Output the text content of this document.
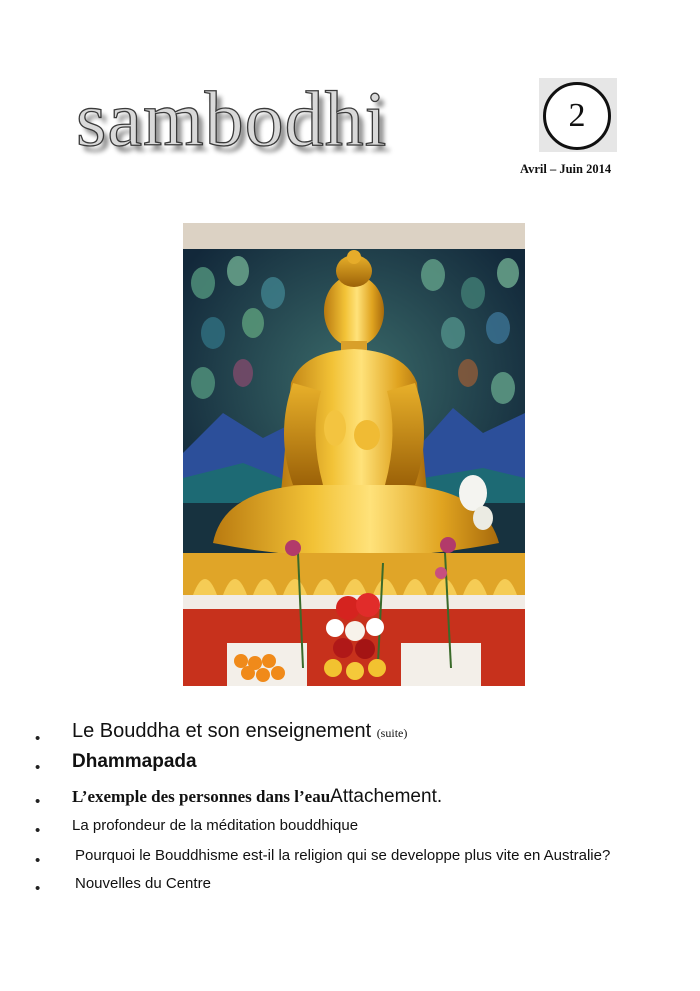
sambodhi	2
Avril – Juin 2014
• Le Bouddha et son enseignement (suite)
• Dhammapada
• L’exemple des personnes dans l’eauAttachement.
• La profondeur de la méditation bouddhique
• Pourquoi le Bouddhisme est-il la religion qui se developpe plus vite en Australie?
• Nouvelles du Centre
